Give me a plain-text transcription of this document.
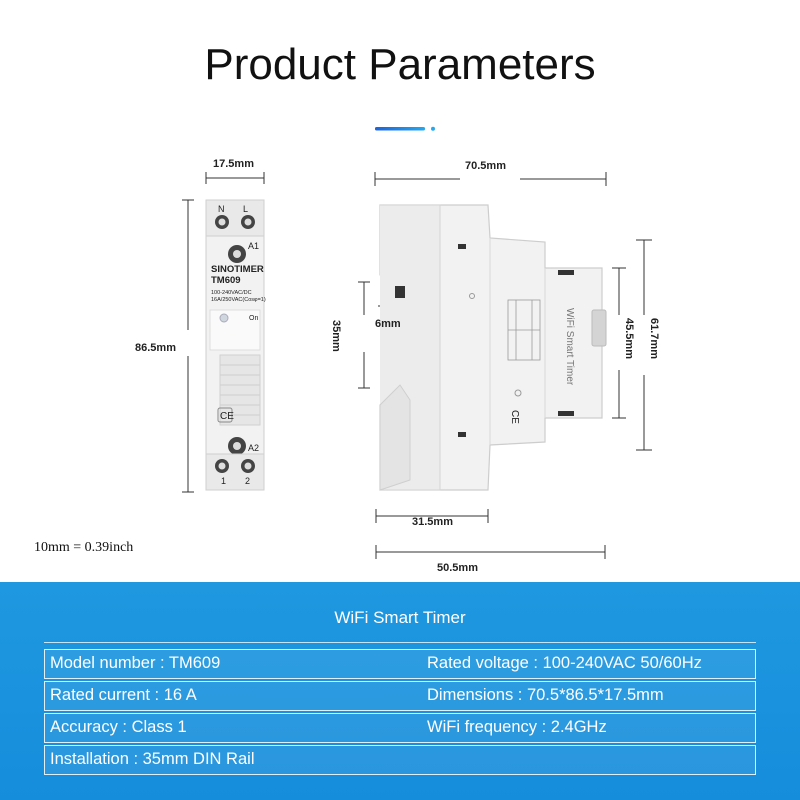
Product Parameters
17.5mm
86.5mm
N L
A1
SINOTIMER
TM609
100-240VAC/DC
16A/250VAC(Cosφ=1)
On
CE
A2
1 2
70.5mm
35mm	6mm	45.5mm 61.7mm
WiFi Smart Timer
CE
31.5mm
50.5mm
10mm = 0.39inch
WiFi Smart Timer
Model number : TM609	Rated voltage : 100-240VAC 50/60Hz
Rated current : 16 A	Dimensions : 70.5*86.5*17.5mm
Accuracy : Class 1	WiFi frequency : 2.4GHz
Installation : 35mm DIN Rail
